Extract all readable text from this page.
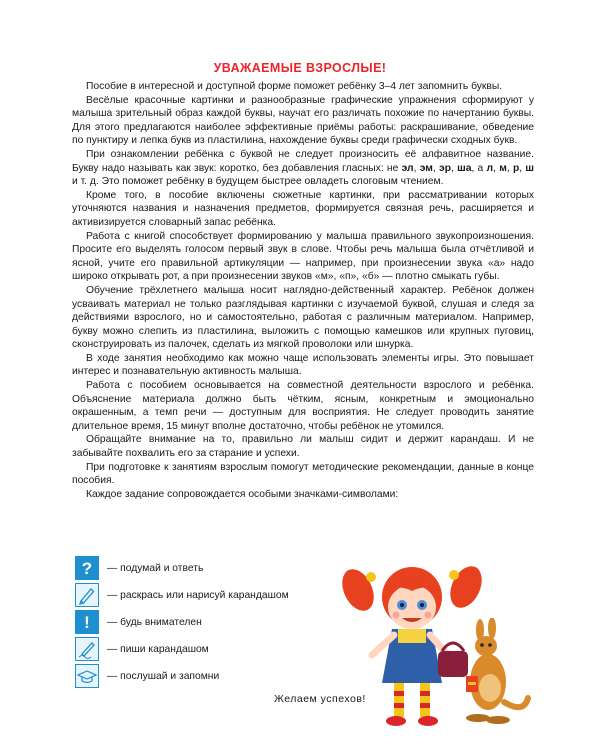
УВАЖАЕМЫЕ ВЗРОСЛЫЕ!

Пособие в интересной и доступной форме поможет ребёнку 3–4 лет запомнить буквы.

Весёлые красочные картинки и разнообразные графические упражнения сформируют у малыша зрительный образ каждой буквы, научат его различать похожие по начертанию буквы. Для этого предлагаются наиболее эффективные приёмы работы: раскрашивание, обведение по пунктиру и лепка букв из пластилина, нахождение буквы среди графически сходных букв.

При ознакомлении ребёнка с буквой не следует произносить её алфавитное название. Букву надо называть как звук: коротко, без добавления гласных: не эл, эм, эр, ша, а л, м, р, ш и т. д. Это поможет ребёнку в будущем быстрее овладеть слоговым чтением.

Кроме того, в пособие включены сюжетные картинки, при рассматривании которых уточняются названия и назначения предметов, формируется связная речь, расширяется и активизируется словарный запас ребёнка.

Работа с книгой способствует формированию у малыша правильного звукопроизношения. Просите его выделять голосом первый звук в слове. Чтобы речь малыша была отчётливой и ясной, учите его правильной артикуляции — например, при произнесении звука «а» надо широко открывать рот, а при произнесении звуков «м», «п», «б» — плотно смыкать губы.

Обучение трёхлетнего малыша носит наглядно-действенный характер. Ребёнок должен усваивать материал не только разглядывая картинки с изучаемой буквой, слушая и следя за действиями взрослого, но и самостоятельно, работая с различным материалом. Например, букву можно слепить из пластилина, выложить с помощью камешков или крупных пуговиц, сконструировать из палочек, сделать из мягкой проволоки или шнурка.

В ходе занятия необходимо как можно чаще использовать элементы игры. Это повышает интерес и познавательную активность малыша.

Работа с пособием основывается на совместной деятельности взрослого и ребёнка. Объяснение материала должно быть чётким, ясным, конкретным и эмоционально окрашенным, а темп речи — доступным для восприятия. Не следует проводить занятие длительное время, 15 минут вполне достаточно, чтобы ребёнок не утомился.

Обращайте внимание на то, правильно ли малыш сидит и держит карандаш. И не забывайте похвалить его за старание и успехи.

При подготовке к занятиям взрослым помогут методические рекомендации, данные в конце пособия.

Каждое задание сопровождается особыми значками-символами:

? — подумай и ответь
— раскрась или нарисуй карандашом
! — будь внимателен
— пиши карандашом
— послушай и запомни
Желаем успехов!
